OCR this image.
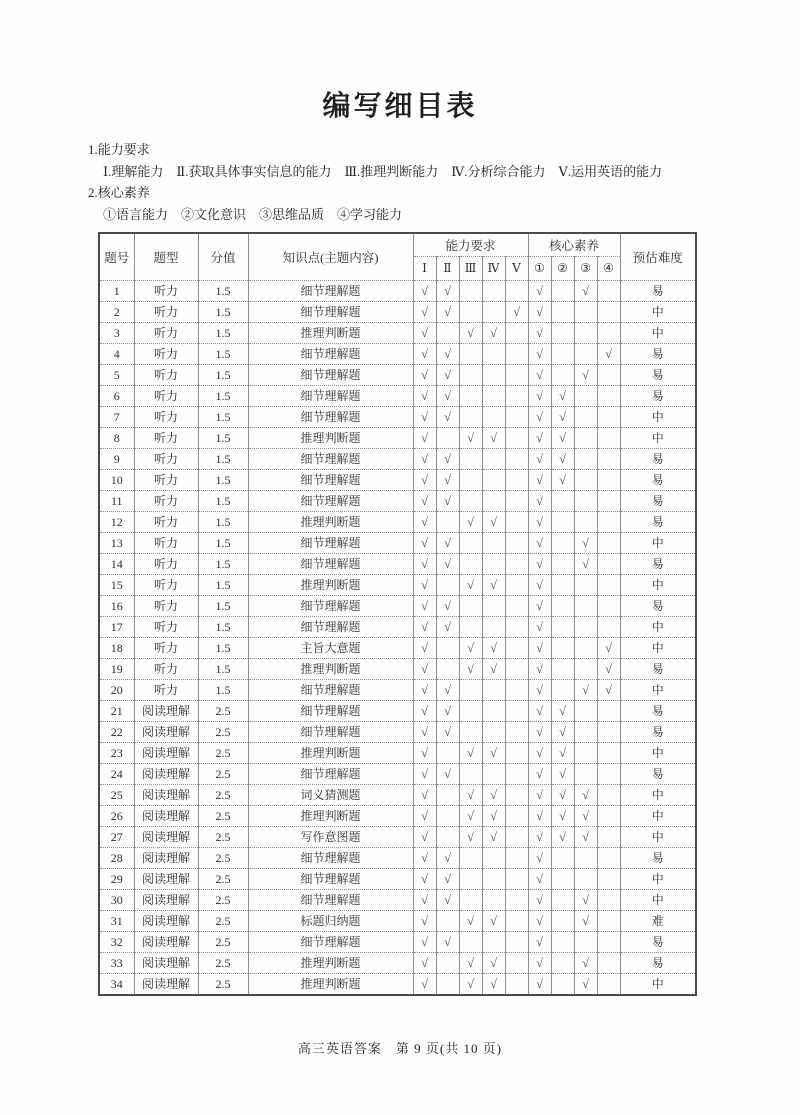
编写细目表
1.能力要求
Ⅰ.理解能力　Ⅱ.获取具体事实信息的能力　Ⅲ.推理判断能力　Ⅳ.分析综合能力　Ⅴ.运用英语的能力
2.核心素养
①语言能力　②文化意识　③思维品质　④学习能力
题号	题型	分值	知识点(主题内容)	能力要求					核心素养				预估难度
				Ⅰ	Ⅱ	Ⅲ	Ⅳ	Ⅴ	①	②	③	④	
1	听力	1.5	细节理解题	√	√				√		√		易
2	听力	1.5	细节理解题	√	√			√	√				中
3	听力	1.5	推理判断题	√		√	√		√				中
4	听力	1.5	细节理解题	√	√				√			√	易
5	听力	1.5	细节理解题	√	√				√		√		易
6	听力	1.5	细节理解题	√	√				√	√			易
7	听力	1.5	细节理解题	√	√				√	√			中
8	听力	1.5	推理判断题	√		√	√		√	√			中
9	听力	1.5	细节理解题	√	√				√	√			易
10	听力	1.5	细节理解题	√	√				√	√			易
11	听力	1.5	细节理解题	√	√				√				易
12	听力	1.5	推理判断题	√		√	√		√				易
13	听力	1.5	细节理解题	√	√				√		√		中
14	听力	1.5	细节理解题	√	√				√		√		易
15	听力	1.5	推理判断题	√		√	√		√				中
16	听力	1.5	细节理解题	√	√				√				易
17	听力	1.5	细节理解题	√	√				√				中
18	听力	1.5	主旨大意题	√		√	√		√			√	中
19	听力	1.5	推理判断题	√		√	√		√			√	易
20	听力	1.5	细节理解题	√	√				√		√	√	中
21	阅读理解	2.5	细节理解题	√	√				√	√			易
22	阅读理解	2.5	细节理解题	√	√				√	√			易
23	阅读理解	2.5	推理判断题	√		√	√		√	√			中
24	阅读理解	2.5	细节理解题	√	√				√	√			易
25	阅读理解	2.5	词义猜测题	√		√	√		√	√	√		中
26	阅读理解	2.5	推理判断题	√		√	√		√	√	√		中
27	阅读理解	2.5	写作意图题	√		√	√		√	√	√		中
28	阅读理解	2.5	细节理解题	√	√				√				易
29	阅读理解	2.5	细节理解题	√	√				√				中
30	阅读理解	2.5	细节理解题	√	√				√		√		中
31	阅读理解	2.5	标题归纳题	√		√	√		√		√		难
32	阅读理解	2.5	细节理解题	√	√				√				易
33	阅读理解	2.5	推理判断题	√		√	√		√		√		易
34	阅读理解	2.5	推理判断题	√		√	√		√		√		中
高三英语答案　第 9 页(共 10 页)
